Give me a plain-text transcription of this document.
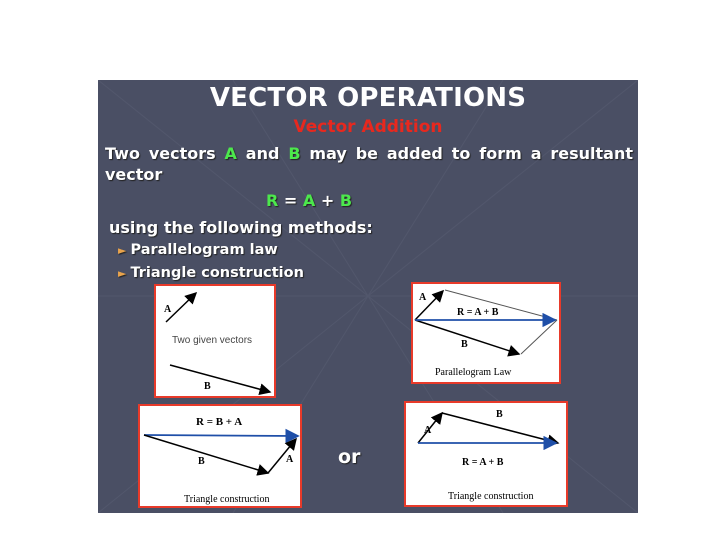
VECTOR OPERATIONS
Vector Addition
Two vectors A and B may be added to form a resultant vector
R = A + B
using the following methods:
► Parallelogram law
► Triangle construction
A
Two given vectors
B
A
R = A + B
B
Parallelogram Law
R = B + A
B	A
Triangle construction
or
A
B
R = A + B
Triangle construction
